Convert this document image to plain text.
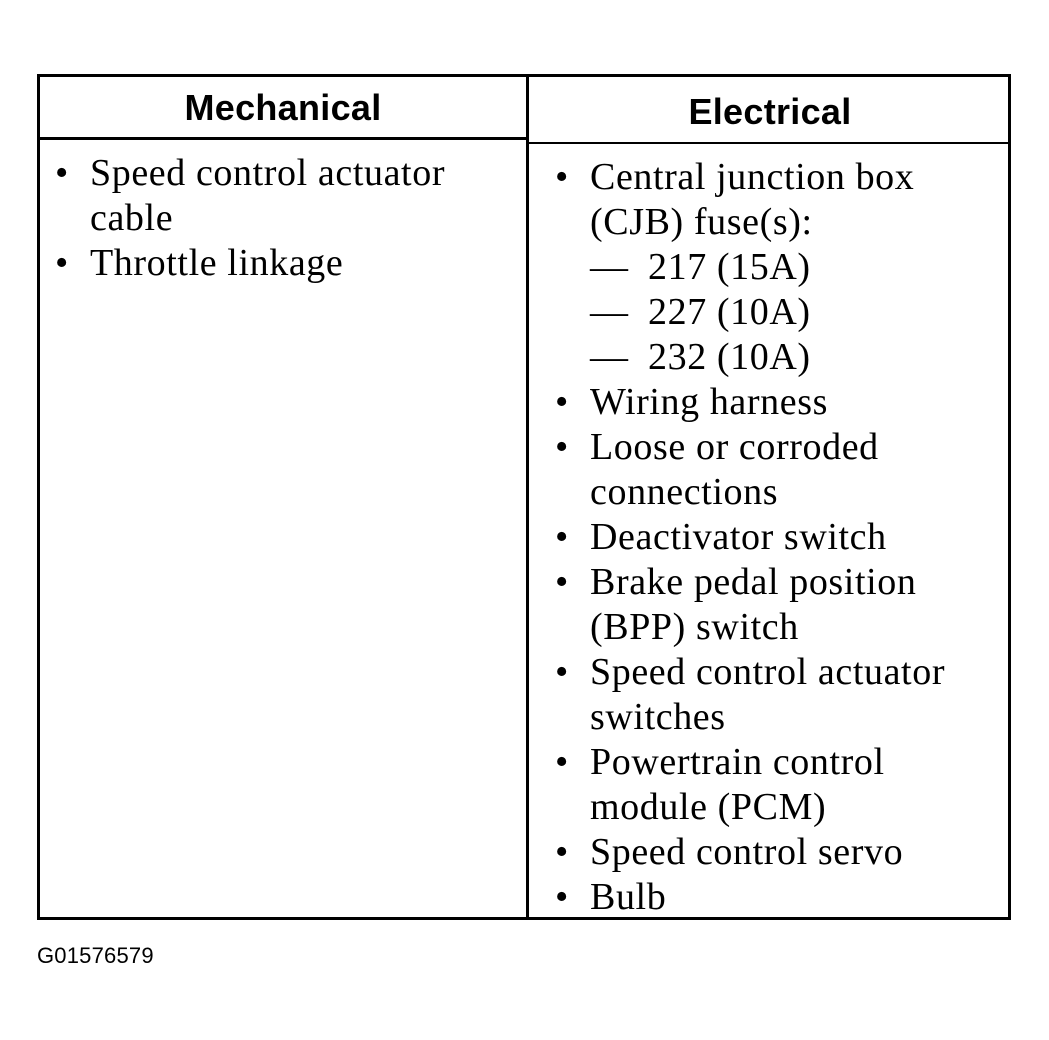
Mechanical	Electrical
• Speed control actuator cable
• Throttle linkage
• Central junction box (CJB) fuse(s):
— 217 (15A)
— 227 (10A)
— 232 (10A)
• Wiring harness
• Loose or corroded connections
• Deactivator switch
• Brake pedal position (BPP) switch
• Speed control actuator switches
• Powertrain control module (PCM)
• Speed control servo
• Bulb
G01576579
